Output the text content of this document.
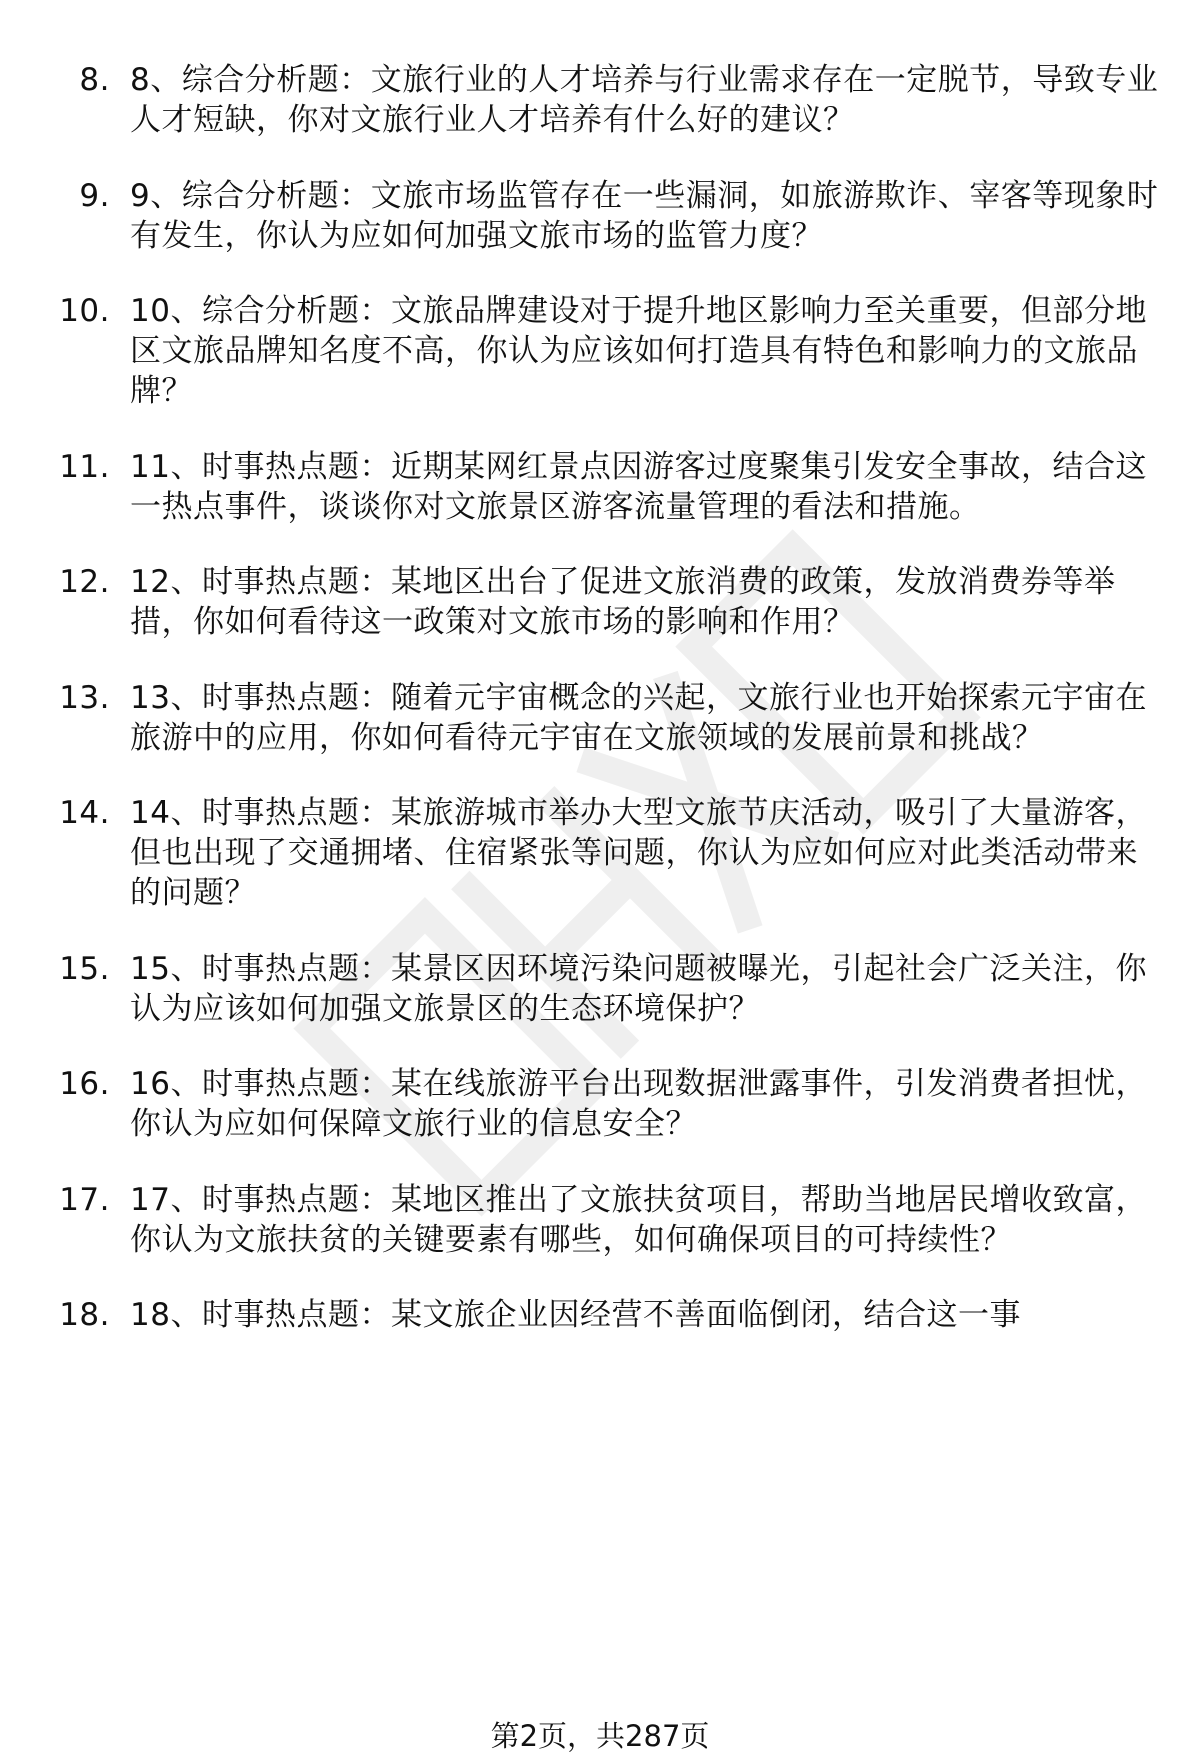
8. 8、综合分析题：文旅行业的人才培养与行业需求存在一定脱节，导致专业人才短缺，你对文旅行业人才培养有什么好的建议？
9. 9、综合分析题：文旅市场监管存在一些漏洞，如旅游欺诈、宰客等现象时有发生，你认为应如何加强文旅市场的监管力度？
10. 10、综合分析题：文旅品牌建设对于提升地区影响力至关重要，但部分地区文旅品牌知名度不高，你认为应该如何打造具有特色和影响力的文旅品牌？
11. 11、时事热点题：近期某网红景点因游客过度聚集引发安全事故，结合这一热点事件，谈谈你对文旅景区游客流量管理的看法和措施。
12. 12、时事热点题：某地区出台了促进文旅消费的政策，发放消费券等举措，你如何看待这一政策对文旅市场的影响和作用？
13. 13、时事热点题：随着元宇宙概念的兴起，文旅行业也开始探索元宇宙在旅游中的应用，你如何看待元宇宙在文旅领域的发展前景和挑战？
14. 14、时事热点题：某旅游城市举办大型文旅节庆活动，吸引了大量游客，但也出现了交通拥堵、住宿紧张等问题，你认为应如何应对此类活动带来的问题？
15. 15、时事热点题：某景区因环境污染问题被曝光，引起社会广泛关注，你认为应该如何加强文旅景区的生态环境保护？
16. 16、时事热点题：某在线旅游平台出现数据泄露事件，引发消费者担忧，你认为应如何保障文旅行业的信息安全？
17. 17、时事热点题：某地区推出了文旅扶贫项目，帮助当地居民增收致富，你认为文旅扶贫的关键要素有哪些，如何确保项目的可持续性？
18. 18、时事热点题：某文旅企业因经营不善面临倒闭，结合这一事
第2页，共287页
